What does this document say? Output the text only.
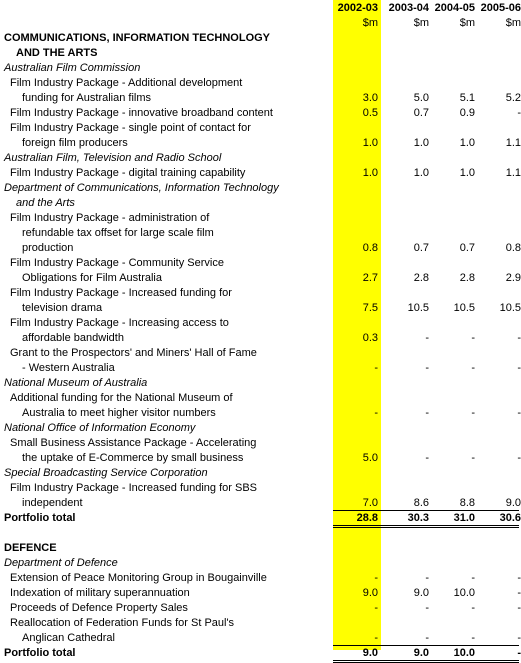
2002-03 2003-04 2004-05 2005-06
$m	$m	$m	$m
COMMUNICATIONS, INFORMATION TECHNOLOGY
AND THE ARTS
Australian Film Commission
Film Industry Package - Additional development
funding for Australian films	3.0	5.0	5.1	5.2
Film Industry Package - innovative broadband content	0.5	0.7	0.9	-
Film Industry Package - single point of contact for
foreign film producers	1.0	1.0	1.0	1.1
Australian Film, Television and Radio School
Film Industry Package - digital training capability	1.0	1.0	1.0	1.1
Department of Communications, Information Technology
and the Arts
Film Industry Package - administration of
refundable tax offset for large scale film
production	0.8	0.7	0.7	0.8
Film Industry Package - Community Service
Obligations for Film Australia	2.7	2.8	2.8	2.9
Film Industry Package - Increased funding for
television drama	7.5	10.5	10.5	10.5
Film Industry Package - Increasing access to
affordable bandwidth	0.3	-	-	-
Grant to the Prospectors' and Miners' Hall of Fame
- Western Australia	-	-	-	-
National Museum of Australia
Additional funding for the National Museum of
Australia to meet higher visitor numbers	-	-	-	-
National Office of Information Economy
Small Business Assistance Package - Accelerating
the uptake of E-Commerce by small business	5.0	-	-	-
Special Broadcasting Service Corporation
Film Industry Package - Increased funding for SBS
independent	7.0	8.6	8.8	9.0
Portfolio total	28.8	30.3	31.0	30.6
DEFENCE
Department of Defence
Extension of Peace Monitoring Group in Bougainville	-	-	-	-
Indexation of military superannuation	9.0	9.0	10.0	-
Proceeds of Defence Property Sales	-	-	-	-
Reallocation of Federation Funds for St Paul's
Anglican Cathedral	-	-	-	-
Portfolio total	9.0	9.0	10.0	-
